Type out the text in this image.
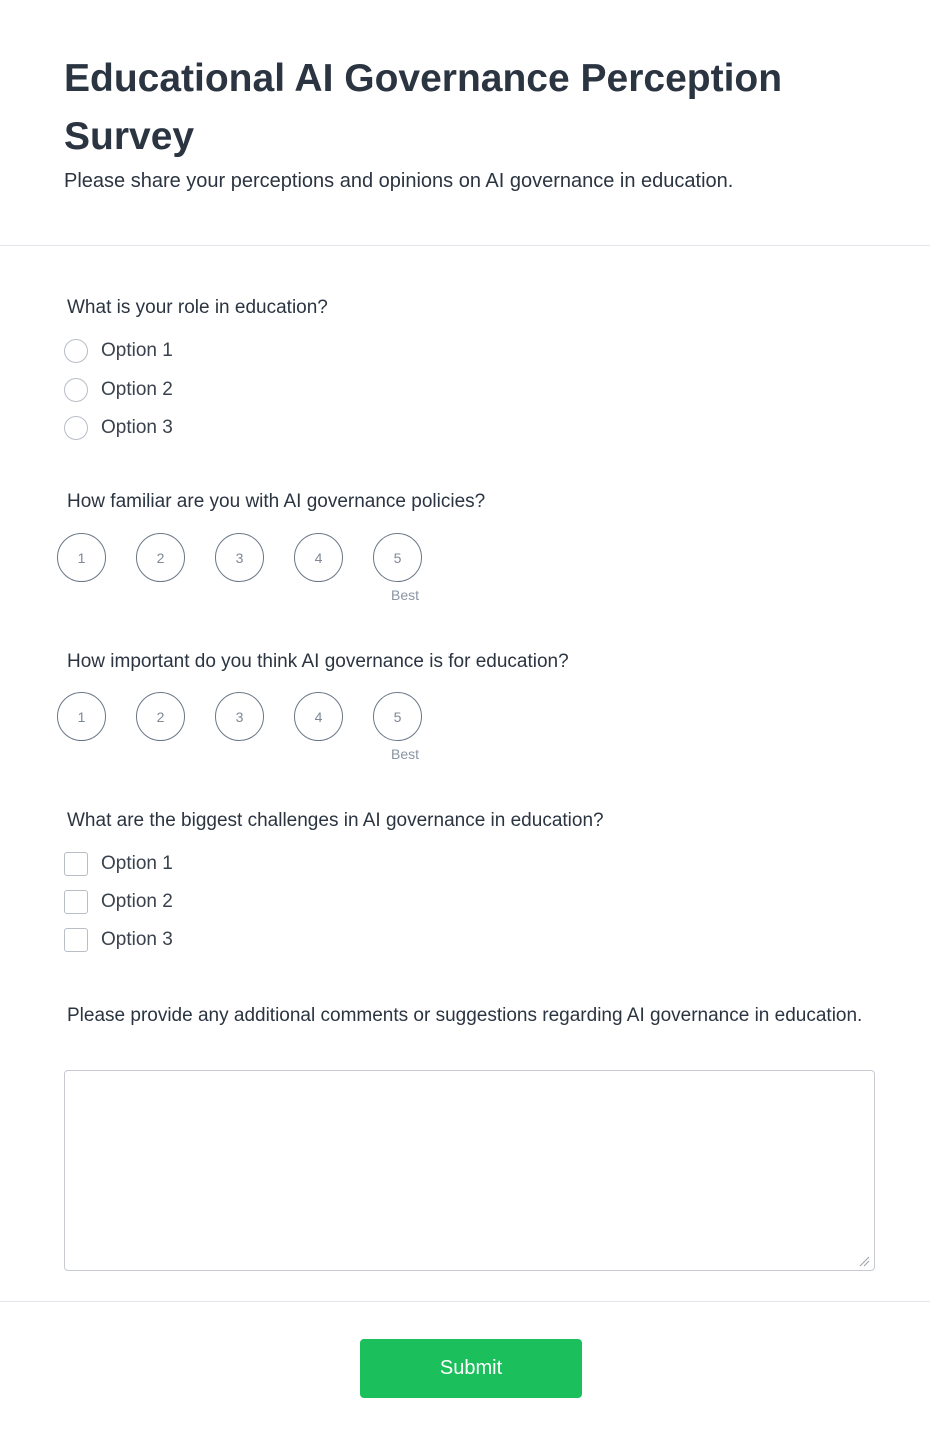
Educational AI Governance Perception Survey

Please share your perceptions and opinions on AI governance in education.

What is your role in education?
Option 1
Option 2
Option 3
How familiar are you with AI governance policies?
1	2	3	4	5
Best
How important do you think AI governance is for education?
1	2	3	4	5
Best
What are the biggest challenges in AI governance in education?
Option 1
Option 2
Option 3
Please provide any additional comments or suggestions regarding AI governance in education.
Submit
